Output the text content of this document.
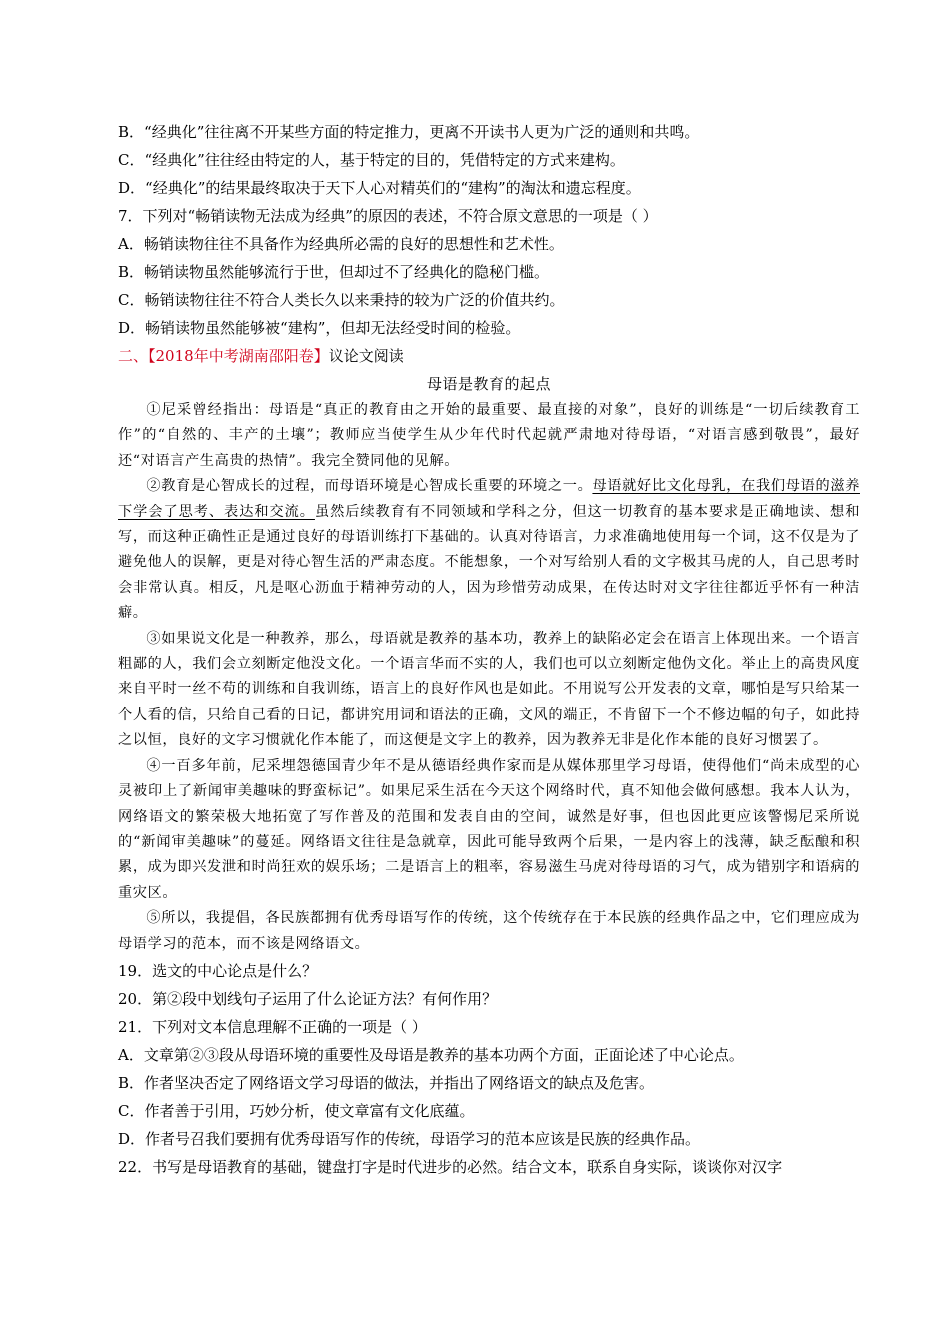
B．“经典化”往往离不开某些方面的特定推力，更离不开读书人更为广泛的通则和共鸣。
C．“经典化”往往经由特定的人，基于特定的目的，凭借特定的方式来建构。
D．“经典化”的结果最终取决于天下人心对精英们的“建构”的淘汰和遗忘程度。
7．下列对“畅销读物无法成为经典”的原因的表述，不符合原文意思的一项是（ ）
A．畅销读物往往不具备作为经典所必需的良好的思想性和艺术性。
B．畅销读物虽然能够流行于世，但却过不了经典化的隐秘门槛。
C．畅销读物往往不符合人类长久以来秉持的较为广泛的价值共约。
D．畅销读物虽然能够被“建构”，但却无法经受时间的检验。
二、【2018年中考湖南邵阳卷】议论文阅读
母语是教育的起点
①尼采曾经指出：母语是“真正的教育由之开始的最重要、最直接的对象”，良好的训练是“一切后续教育工作”的“自然的、丰产的土壤”；教师应当使学生从少年代时代起就严肃地对待母语，“对语言感到敬畏”，最好还“对语言产生高贵的热情”。我完全赞同他的见解。
②教育是心智成长的过程，而母语环境是心智成长重要的环境之一。母语就好比文化母乳，在我们母语的滋养下学会了思考、表达和交流。虽然后续教育有不同领域和学科之分，但这一切教育的基本要求是正确地读、想和写，而这种正确性正是通过良好的母语训练打下基础的。认真对待语言，力求准确地使用每一个词，这不仅是为了避免他人的误解，更是对待心智生活的严肃态度。不能想象，一个对写给别人看的文字极其马虎的人，自己思考时会非常认真。相反，凡是呕心沥血于精神劳动的人，因为珍惜劳动成果，在传达时对文字往往都近乎怀有一种洁癖。
③如果说文化是一种教养，那么，母语就是教养的基本功，教养上的缺陷必定会在语言上体现出来。一个语言粗鄙的人，我们会立刻断定他没文化。一个语言华而不实的人，我们也可以立刻断定他伪文化。举止上的高贵风度来自平时一丝不苟的训练和自我训练，语言上的良好作风也是如此。不用说写公开发表的文章，哪怕是写只给某一个人看的信，只给自己看的日记，都讲究用词和语法的正确，文风的端正，不肯留下一个不修边幅的句子，如此持之以恒，良好的文字习惯就化作本能了，而这便是文字上的教养，因为教养无非是化作本能的良好习惯罢了。
④一百多年前，尼采埋怨德国青少年不是从德语经典作家而是从媒体那里学习母语，使得他们“尚未成型的心灵被印上了新闻审美趣味的野蛮标记”。如果尼采生活在今天这个网络时代，真不知他会做何感想。我本人认为，网络语文的繁荣极大地拓宽了写作普及的范围和发表自由的空间，诚然是好事，但也因此更应该警惕尼采所说的“新闻审美趣味”的蔓延。网络语文往往是急就章，因此可能导致两个后果，一是内容上的浅薄，缺乏酝酿和积累，成为即兴发泄和时尚狂欢的娱乐场；二是语言上的粗率，容易滋生马虎对待母语的习气，成为错别字和语病的重灾区。
⑤所以，我提倡，各民族都拥有优秀母语写作的传统，这个传统存在于本民族的经典作品之中，它们理应成为母语学习的范本，而不该是网络语文。
19．选文的中心论点是什么？
20．第②段中划线句子运用了什么论证方法？有何作用？
21．下列对文本信息理解不正确的一项是（ ）
A．文章第②③段从母语环境的重要性及母语是教养的基本功两个方面，正面论述了中心论点。
B．作者坚决否定了网络语文学习母语的做法，并指出了网络语文的缺点及危害。
C．作者善于引用，巧妙分析，使文章富有文化底蕴。
D．作者号召我们要拥有优秀母语写作的传统，母语学习的范本应该是民族的经典作品。
22．书写是母语教育的基础，键盘打字是时代进步的必然。结合文本，联系自身实际，谈谈你对汉字
